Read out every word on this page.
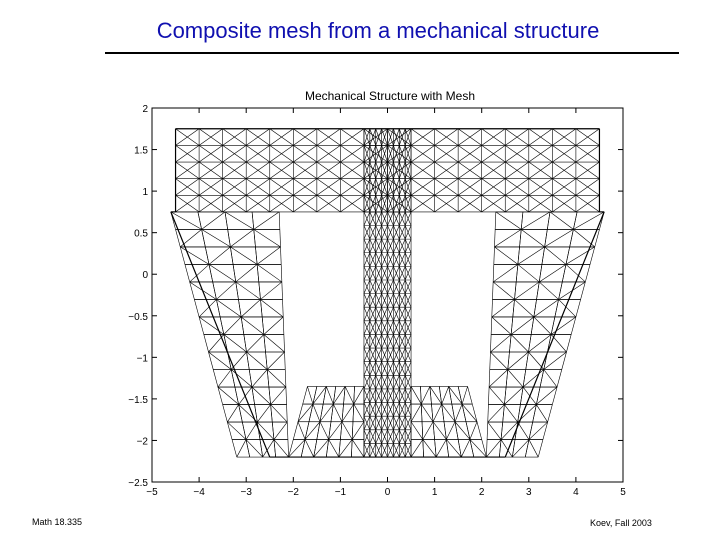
Composite mesh from a mechanical structure
Mechanical Structure with Mesh
−5	−4	−3	−2	−1	0	1	2	3	4	5
2
1.5
1
0.5
0
−0.5
−1
−1.5
−2
−2.5
Math 18.335	Koev, Fall 2003
